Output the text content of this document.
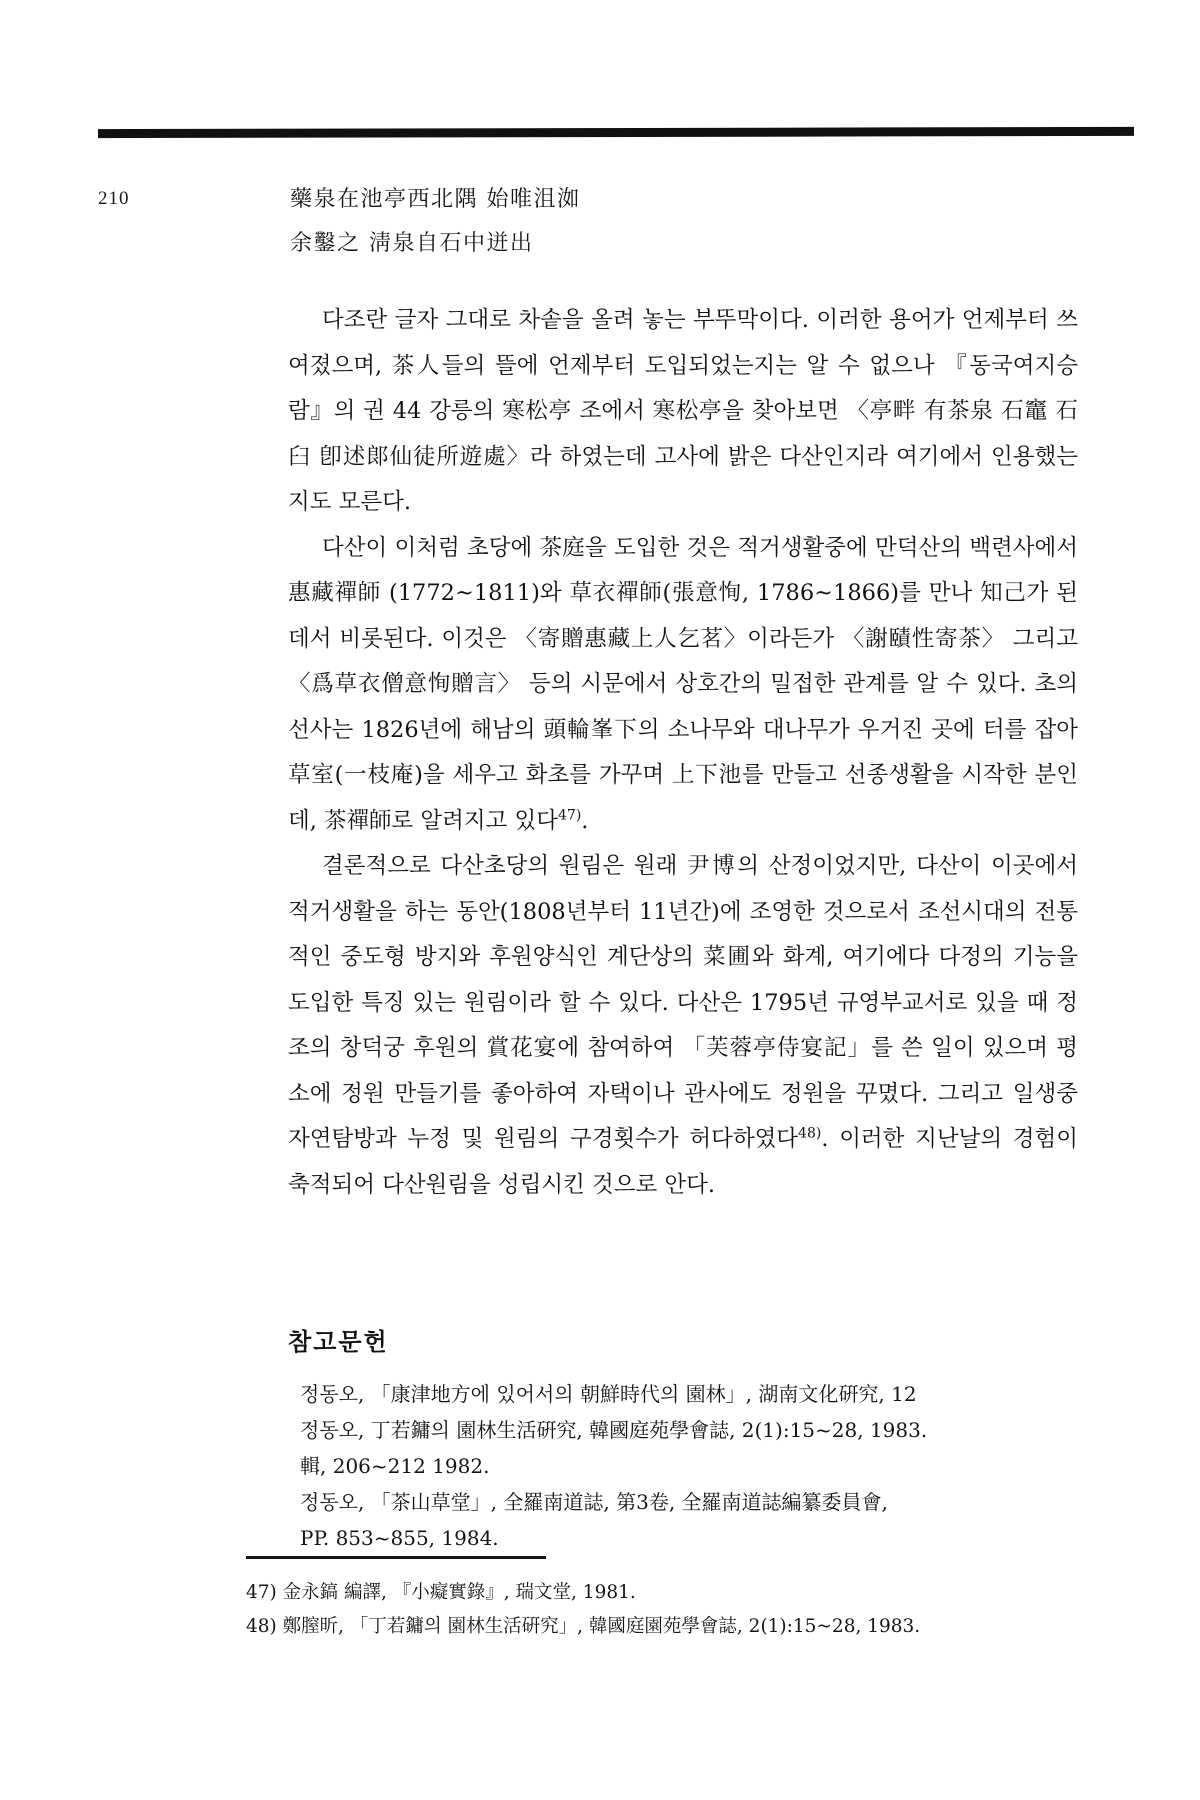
210	藥泉在池亭西北隅 始唯沮洳
余鑿之 淸泉自石中迸出

다조란 글자 그대로 차솥을 올려 놓는 부뚜막이다. 이러한 용어가 언제부터 쓰여졌으며, 茶人들의 뜰에 언제부터 도입되었는지는 알 수 없으나 『동국여지승람』의 권 44 강릉의 寒松亭 조에서 寒松亭을 찾아보면 〈亭畔 有茶泉 石竈 石臼 卽述郞仙徒所遊處〉라 하였는데 고사에 밝은 다산인지라 여기에서 인용했는지도 모른다.

다산이 이처럼 초당에 茶庭을 도입한 것은 적거생활중에 만덕산의 백련사에서 惠藏禪師 (1772~1811)와 草衣禪師(張意恂, 1786~1866)를 만나 知己가 된 데서 비롯된다. 이것은 〈寄贈惠藏上人乞茗〉이라든가 〈謝賾性寄茶〉 그리고 〈爲草衣僧意恂贈言〉 등의 시문에서 상호간의 밀접한 관계를 알 수 있다. 초의선사는 1826년에 해남의 頭輪峯下의 소나무와 대나무가 우거진 곳에 터를 잡아 草室(一枝庵)을 세우고 화초를 가꾸며 上下池를 만들고 선종생활을 시작한 분인데, 茶禪師로 알려지고 있다$^{47)}$.

결론적으로 다산초당의 원림은 원래 尹博의 산정이었지만, 다산이 이곳에서 적거생활을 하는 동안(1808년부터 11년간)에 조영한 것으로서 조선시대의 전통적인 중도형 방지와 후원양식인 계단상의 菜圃와 화계, 여기에다 다정의 기능을 도입한 특징 있는 원림이라 할 수 있다. 다산은 1795년 규영부교서로 있을 때 정조의 창덕궁 후원의 賞花宴에 참여하여 「芙蓉亭侍宴記」를 쓴 일이 있으며 평소에 정원 만들기를 좋아하여 자택이나 관사에도 정원을 꾸몄다. 그리고 일생중 자연탐방과 누정 및 원림의 구경횟수가 허다하였다$^{48)}$. 이러한 지난날의 경험이 축적되어 다산원림을 성립시킨 것으로 안다.

참고문헌
정동오, 「康津地方에 있어서의 朝鮮時代의 園林」, 湖南文化硏究, 12
정동오, 丁若鏞의 園林生活硏究, 韓國庭苑學會誌, 2(1):15~28, 1983.
輯, 206~212 1982.
정동오, 「茶山草堂」, 全羅南道誌, 第3卷, 全羅南道誌編纂委員會,
PP. 853~855, 1984.
47) 金永鎬 編譯, 『小癡實錄』, 瑞文堂, 1981.
48) 鄭膣昕, 「丁若鏞의 園林生活硏究」, 韓國庭園苑學會誌, 2(1):15~28, 1983.
